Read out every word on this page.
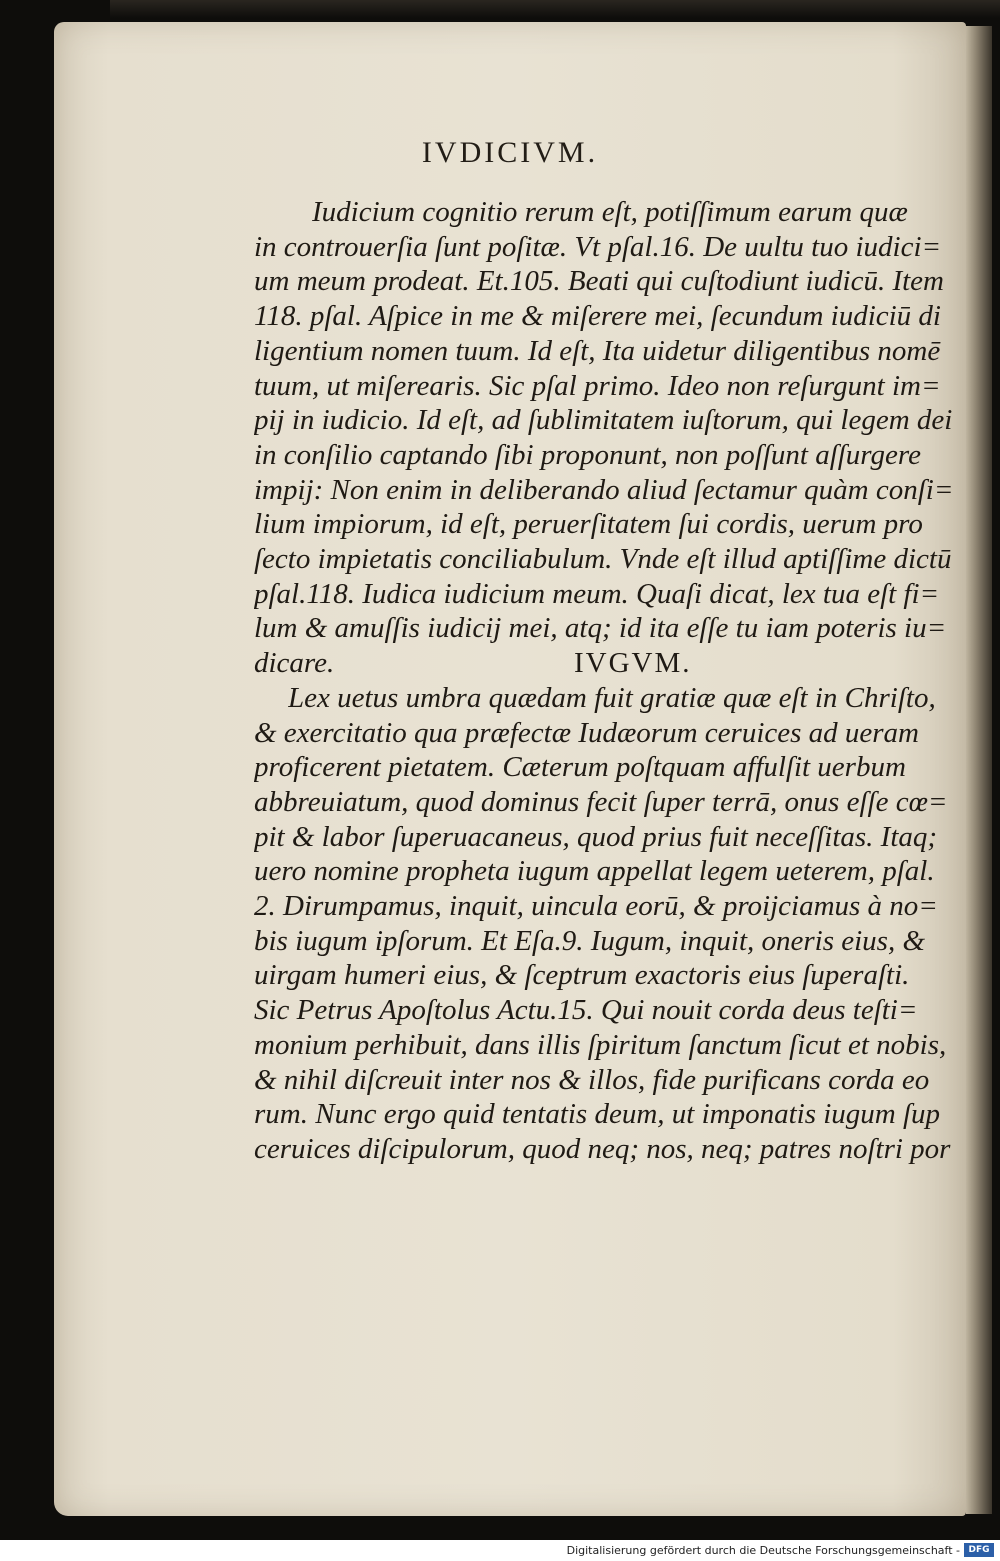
IVDICIVM.
Iudicium cognitio rerum eſt, potiſſimum earum quæ
in controuerſia ſunt poſitæ. Vt pſal.16. De uultu tuo iudici=
um meum prodeat. Et.105. Beati qui cuſtodiunt iudicū. Item
118. pſal. Aſpice in me & miſerere mei, ſecundum iudiciū di
ligentium nomen tuum. Id eſt, Ita uidetur diligentibus nomē
tuum, ut miſerearis. Sic pſal primo. Ideo non reſurgunt im=
pij in iudicio. Id eſt, ad ſublimitatem iuſtorum, qui legem dei
in conſilio captando ſibi proponunt, non poſſunt aſſurgere
impij: Non enim in deliberando aliud ſectamur quàm conſi=
lium impiorum, id eſt, peruerſitatem ſui cordis, uerum pro
ſecto impietatis conciliabulum. Vnde eſt illud aptiſſime dictū
pſal.118. Iudica iudicium meum. Quaſi dicat, lex tua eſt fi=
lum & amuſſis iudicij mei, atq; id ita eſſe tu iam poteris iu=
dicare.	IVGVM.
Lex uetus umbra quædam fuit gratiæ quæ eſt in Chriſto,
& exercitatio qua præfectæ Iudæorum ceruices ad ueram
proficerent pietatem. Cæterum poſtquam affulſit uerbum
abbreuiatum, quod dominus fecit ſuper terrā, onus eſſe cœ=
pit & labor ſuperuacaneus, quod prius fuit neceſſitas. Itaq;
uero nomine propheta iugum appellat legem ueterem, pſal.
2. Dirumpamus, inquit, uincula eorū, & proijciamus à no=
bis iugum ipſorum. Et Eſa.9. Iugum, inquit, oneris eius, &
uirgam humeri eius, & ſceptrum exactoris eius ſuperaſti.
Sic Petrus Apoſtolus Actu.15. Qui nouit corda deus teſti=
monium perhibuit, dans illis ſpiritum ſanctum ſicut et nobis,
& nihil diſcreuit inter nos & illos, fide purificans corda eo
rum. Nunc ergo quid tentatis deum, ut imponatis iugum ſup
ceruices diſcipulorum, quod neq; nos, neq; patres noſtri por
Digitalisierung gefördert durch die Deutsche Forschungsgemeinschaft - DFG
